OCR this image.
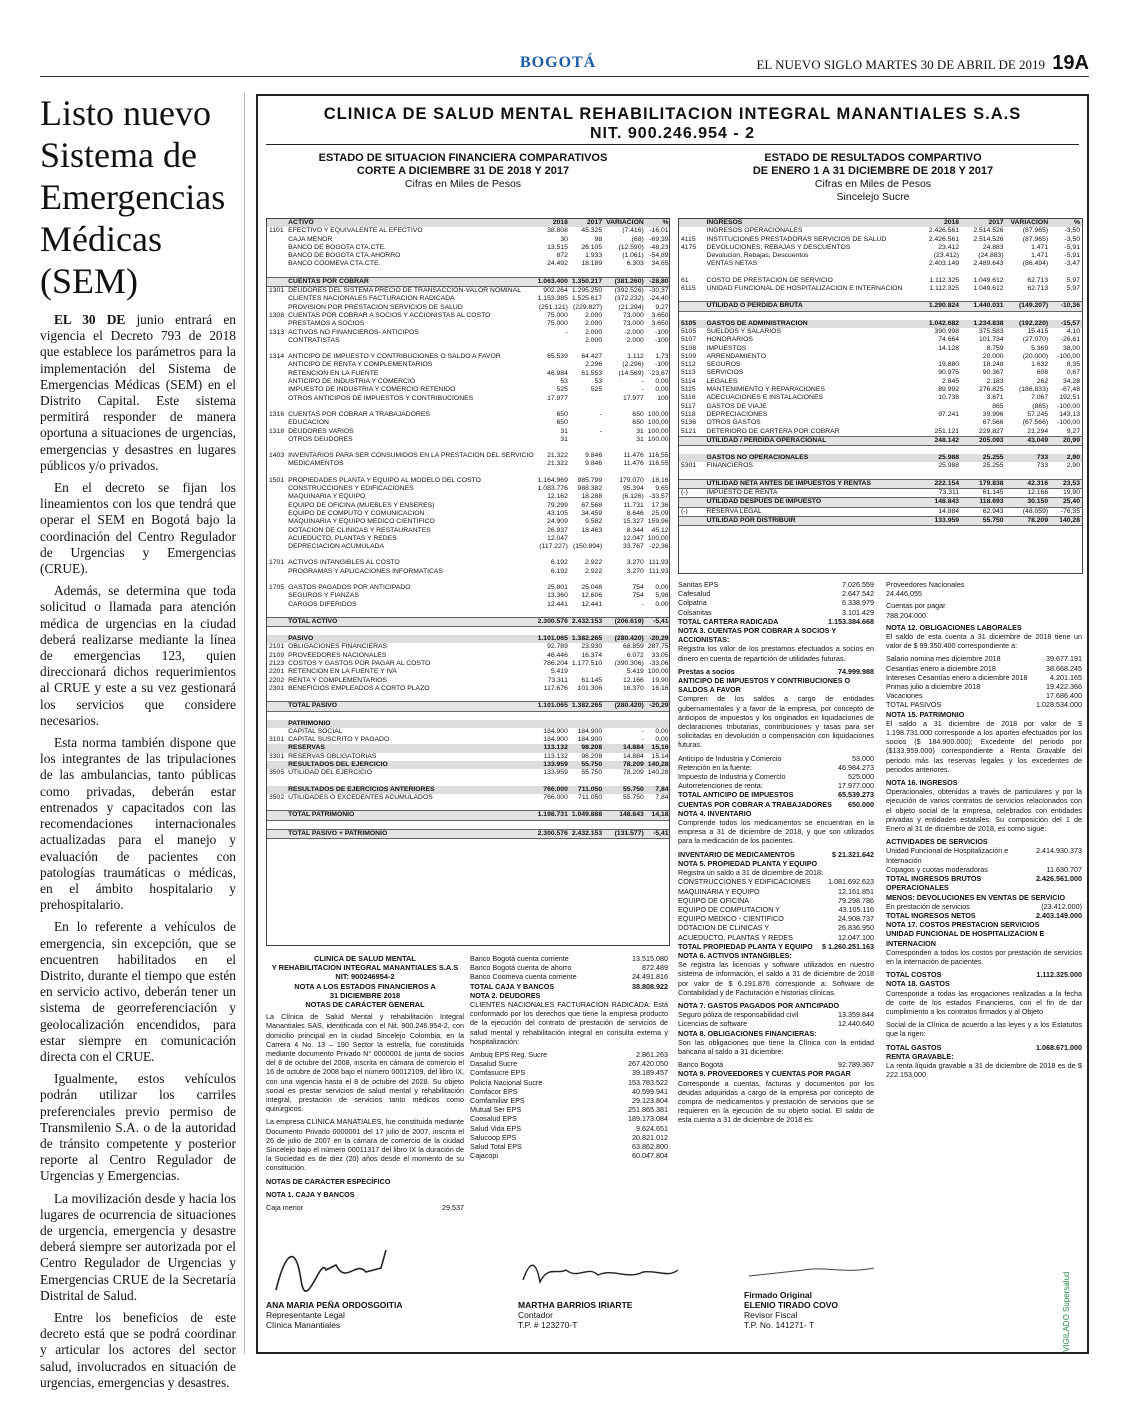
BOGOTÁ	EL NUEVO SIGLO MARTES 30 DE ABRIL DE 2019 19A
Listo nuevo Sistema de Emergencias Médicas (SEM)

EL 30 DE junio entrará en vigencia el Decreto 793 de 2018 que establece los parámetros para la implementación del Sistema de Emergencias Médicas (SEM) en el Distrito Capital. Este sistema permitirá responder de manera oportuna a situaciones de urgencias, emergencias y desastres en lugares públicos y/o privados.

En el decreto se fijan los lineamientos con los que tendrá que operar el SEM en Bogotá bajo la coordinación del Centro Regulador de Urgencias y Emergencias (CRUE).

Además, se determina que toda solicitud o llamada para atención médica de urgencias en la ciudad deberá realizarse mediante la línea de emergencias 123, quien direccionará dichos requerimientos al CRUE y este a su vez gestionará los servicios que considere necesarios.

Esta norma también dispone que los integrantes de las tripulaciones de las ambulancias, tanto públicas como privadas, deberán estar entrenados y capacitados con las recomendaciones internacionales actualizadas para el manejo y evaluación de pacientes con patologías traumáticas o médicas, en el ámbito hospitalario y prehospitalario.

En lo referente a vehículos de emergencia, sin excepción, que se encuentren habilitados en el Distrito, durante el tiempo que estén en servicio activo, deberán tener un sistema de georreferenciación y geolocalización encendidos, para estar siempre en comunicación directa con el CRUE.

Igualmente, estos vehículos podrán utilizar los carriles preferenciales previo permiso de Transmilenio S.A. o de la autoridad de tránsito competente y posterior reporte al Centro Regulador de Urgencias y Emergencias.

La movilización desde y hacia los lugares de ocurrencia de situaciones de urgencia, emergencia y desastre deberá siempre ser autorizada por el Centro Regulador de Urgencias y Emergencias CRUE de la Secretaría Distrital de Salud.

Entre los beneficios de este decreto está que se podrá coordinar y articular los actores del sector salud, involucrados en situación de urgencias, emergencias y desastres.

CLINICA DE SALUD MENTAL REHABILITACION INTEGRAL MANANTIALES S.A.S
NIT. 900.246.954 - 2
ESTADO DE SITUACION FINANCIERA COMPARATIVOS
CORTE A DICIEMBRE 31 DE 2018 Y 2017
Cifras en Miles de Pesos
ESTADO DE RESULTADOS COMPARTIVO
DE ENERO 1 A 31 DICIEMBRE DE 2018 Y 2017
Cifras en Miles de Pesos
Sincelejo Sucre
	ACTIVO	2018	2017	VARIACION	%
1101	EFECTIVO Y EQUIVALENTE AL EFECTIVO	38.808	45.325	(7.416)	-16,01
	CAJA MENOR	30	98	(68)	-69,39
	BANCO DE BOGOTA CTA.CTE.	13.515	26.105	(12.590)	-48,23
	BANCO DE BOGOTA CTA.AHORRO	872	1.933	(1.061)	-54,89
	BANCO COOMEVA CTA.CTE.	24.492	18.189	6.303	34,65

	CUENTAS POR COBRAR	1.063.400	1.350.217	(381.260)	-28,80
1301	DEUDORES DEL SISTEMA PRECIO DE TRANSACCION-VALOR NOMINAL	902.264	1.295.250	(392.526)	-30,37
	CLIENTES NACIONALES FACTURACION RADICADA	1.153.385	1.525.617	(372.232)	-24,40
	PROVISION POR PRESTACION SERVICIOS DE SALUD	(251.121)	(229.827)	(21.294)	9,27
1308	CUENTAS POR COBRAR A SOCIOS Y ACCIONISTAS AL COSTO	75.000	2.000	73.000	3.650
	PRESTAMOS A SOCIOS	75.000	2.000	73.000	3.650
1313	ACTIVOS NO FINANCIEROS- ANTICIPOS	-	2.000	-2.000	-100
	CONTRATISTAS		2.000	2.000	-100

1314	ANTICIPO DE IMPUESTO Y CONTRIBUCIONES O SALDO A FAVOR	65.539	64.427	1.112	1,73
	ANTICIPO DE RENTA Y COMPLEMENTARIOS		2.296	(2.296)	-100
	RETENCION EN LA FUENTE	46.984	61.553	(14.569)	-23,67
	ANTICIPO DE INDUSTRIA Y COMERCIO	53	53	-	0,00
	IMPUESTO DE INDUSTRIA Y COMERCIO RETENIDO	525	525	-	0,00
	OTROS ANTICIPOS DE IMPUESTOS Y CONTRIBUCIONES	17.977		17.977	100

1316	CUENTAS POR COBRAR A TRABAJADORES	650	-	650	100,00
	EDUCACION	650		650	100,00
1318	DEUDORES VARIOS	31	-	31	100,00
	OTROS DEUDORES	31		31	100,00

1403	INVENTARIOS PARA SER CONSUMIDOS EN LA PRESTACION DEL SERVICIO	21.322	9.846	11.476	116,55
	MEDICAMENTOS	21.322	9.846	11.476	116,55

1501	PROPIEDADES PLANTA Y EQUIPO AL MODELO DEL COSTO	1.164.969	985.799	179.070	18,16
	CONSTRUCCIONES Y EDIFICACIONES	1.083.776	988.382	95.394	9,65
	MAQUINARIA Y EQUIPO	12.162	18.288	(6.126)	-33,57
	EQUIPO DE OFICINA (MUEBLES Y ENSERES)	79.299	67.568	11.731	17,36
	EQUIPO DE COMPUTO Y COMUNICACION	43.105	34.459	8.646	25,09
	MAQUINARIA Y EQUIPO MEDICO CIENTIFICO	24.909	9.582	15.327	159,96
	DOTACION DE CLINICAS Y RESTAURANTES	26.937	18.463	8.344	45,12
	ACUEDUCTO, PLANTAS Y REDES	12.047		12.047	100,00
	DEPRECIACION ACUMULADA	(117.227)	(150.894)	33.767	-22,36

1701	ACTIVOS INTANGIBLES AL COSTO	6.192	2.922	3.270	111,93
	PROGRAMAS Y APLICACIONES INFORMATICAS	6.192	2.922	3.270	111,93

1705	GASTOS PAGADOS POR ANTICIPADO	25.801	25.048	754	0,00
	SEGUROS Y FIANZAS	13.360	12.606	754	5,98
	CARGOS DIFERIDOS	12.441	12.441	-	0,00

	TOTAL ACTIVO	2.300.576	2.432.153	(206.619)	-5,41

	PASIVO	1.101.065	1.382.265	(280.420)	-20,29
2101	OBLIGACIONES FINANCIERAS	92.789	23.930	68.859	287,75
2109	PROVEEDORES NACIONALES	46.446	16.374	6.072	33,05
2123	COSTOS Y GASTOS POR PAGAR AL COSTO	786.204	1.177.510	(390.306)	-33,06
2201	RETENCION EN LA FUENTE Y IVA	5.419		5.419	100,00
2202	RENTA Y COMPLEMENTARIOS	73.311	61.145	12.166	19,90
2301	BENEFICIOS EMPLEADOS A CORTO PLAZO	117.676	101.306	16.370	16,16

	TOTAL PASIVO	1.101.065	1.382.265	(280.420)	-20,29

	PATRIMONIO				
	CAPITAL SOCIAL	184.900	184.900	-	0,00
3101	CAPITAL SUSCRITO Y PAGADO	184.900	184.900	-	0,00
	RESERVAS	113.132	98.208	14.884	15,16
3301	RESERVAS OBLIGATORIAS	113.132	98.208	14.884	15,14
	RESULTADOS DEL EJERCICIO	133.959	55.750	78.209	140,28
3505	UTILIDAD DEL EJERCICIO	133.959	55.750	78.209	140,28

	RESULTADOS DE EJERCICIOS ANTERIORES	766.000	711.050	55.750	7,84
3502	UTILIDADES O EXCEDENTES ACUMULADOS	766.000	711.050	55.750	7,84

	TOTAL PATRIMONIO	1.198.731	1.049.888	148.843	14,18

	TOTAL PASIVO + PATRIMONIO	2.300.576	2.432.153	(131.577)	-5,41
	INGRESOS	2018	2017	VARIACION	%
	INGRESOS OPERACIONALES	2.426.561	2.514.526	(87.965)	-3,50
4115	INSTITUCIONES PRESTADORAS SERVICIOS DE SALUD	2.426.561	2.514.526	(87.965)	-3,50
4175	DEVOLUCIONES, REBAJAS Y DESCUENTOS	23.412	24.883	1.471	-5,91
	Devolucion, Rebajas, Descuentos	(23.412)	(24.883)	1.471	-5,91
	VENTAS NETAS	2.403.149	2.489.643	(86.494)	-3,47

61	COSTO DE PRESTACION DE SERVICIO	1.112.325	1.049.612	62.713	5,97
6115	UNIDAD FUNCIONAL DE HOSPITALIZACION E INTERNACION	1.112.325	1.049.612	62.713	5,97

	UTILIDAD O PERDIDA BRUTA	1.290.824	1.440.031	(149.207)	-10,36

5105	GASTOS DE ADMINISTRACION	1.042.682	1.234.838	(192.220)	-15,57
5105	SUELDOS Y SALARIOS	390.998	375.583	15.415	4,10
5107	HONORARIOS	74.664	101.734	(27.070)	-26,61
5108	IMPUESTOS	14.128	8.759	5.369	38,00
5109	ARRENDAMIENTO		20.000	(20.000)	-100,00
5112	SEGUROS	19.880	18.248	1.632	8,35
5113	SERVICIOS	90.975	90.367	608	0,67
5114	LEGALES	2.845	2.183	262	34,28
5115	MANTENIMIENTO Y REPARACIONES	89.992	276.825	(186.833)	-67,48
5116	ADECUACIONES E INSTALACIONES	10.738	3.671	7.067	192,51
5117	GASTOS DE VIAJE		865	(865)	-100,00
5118	DEPRECIACIONES	97.241	39.996	57.245	143,13
5136	OTROS GASTOS		67.566	(67.566)	-100,00
5121	DETERIORO DE CARTERA POR COBRAR	251.121	229.827	21.294	9,27
	UTILIDAD / PERDIDA OPERACIONAL	248.142	205.093	43.049	20,99

	GASTOS NO OPERACIONALES	25.988	25.255	733	2,90
5301	FINANCIEROS	25.988	25.255	733	2,90

	UTILIDAD NETA ANTES DE IMPUESTOS Y RENTAS	222.154	179.838	42.316	23,53
(-)	IMPUESTO DE RENTA	73.311	61.145	12.166	19,90
	UTILIDAD DESPUES DE IMPUESTO	148.843	118.693	30.150	25,40
(-)	RESERVA LEGAL	14.884	62.943	(48.059)	-76,35
	UTILIDAD POR DISTRIBUIR	133.959	55.750	78.209	140,28
CLINICA DE SALUD MENTAL
Y REHABILITACION INTEGRAL MANANTIALES S.A.S
NIT: 900246954-2
NOTA A LOS ESTADOS FINANCIEROS A
31 DICIEMBRE 2018
NOTAS DE CARÁCTER GENERAL

La Clínica de Salud Mental y rehabilitación Integral Manantiales SAS, identificada con el Nit. 900.246.954-2, con domicilio principal en la ciudad Sincelejo Colombia, en la Carrera 4 No. 13 – 190 Sector la estrella, fue constituida mediante documento Privado N° 0000001 de junta de socios del 8 de octubre del 2008, inscrita en cámara de comercio el 16 de octubre de 2008 bajo el número 00012109, del libro IX, con una vigencia hasta el 8 de octubre del 2028. Su objeto social es prestar servicios de salud mental y rehabilitación integral, prestación de servicios tanto médicos como quirúrgicos.

La empresa CLINICA MANATIALES, fue constituida mediante Documento Privado 0000001 del 17 julio de 2007, inscrita el 26 de julio de 2007 en la cámara de comercio de la ciudad Sincelejo bajo el número 00011317 del libro IX la duración de la Sociedad es de diez (20) años desde el momento de su constitución.

NOTAS DE CARÁCTER ESPECÍFICO
NOTA 1. CAJA Y BANCOS
Caja menor	29.537
Banco Bogotá cuenta corriente	13.515.080
Banco Bogotá cuenta de ahorro	872.489
Banco Coomeva cuenta corriente	24.491.816
TOTAL CAJA Y BANCOS	38.808.922
NOTA 2. DEUDORES

CLIENTES NACIONALES FACTURACION RADICADA: Está conformado por los derechos que tiene la empresa producto de la ejecución del contrato de prestación de servicios de salud mental y rehabilitación integral en consulta externa y hospitalización:

Ambuq EPS Reg. Sucre	2.861.263
Dasalud Sucre	267.420.050
Comfasucre EPS	39.189.457
Policía Nacional Sucre	153.783.522
Comfacor EPS	40.599.941
Comfamiliar EPS	29.123.804
Mutual Ser EPS	251.865.381
Coosalud EPS	189.173.084
Salud Vida EPS	9.624.651
Salucoop EPS	20.821.012
Salud Total EPS	63.862.800
Cajacopi	60.047.804
Sanitas EPS	7.026.559
Cafesalud	2.647.542
Colpatria	6.338.979
Colsanitas	3.101.429
TOTAL CARTERA RADICADA	1.153.384.668
NOTA 3. CUENTAS POR COBRAR A SOCIOS Y ACCIONISTAS:

Registra los valor de los prestamos efectuados a socios en dinero en cuenta de repartición de utilidades futuras.

Prestas a socios	74.999.988
ANTICIPO DE IMPUESTOS Y CONTRIBUCIONES O SALDOS A FAVOR

Compren de los saldos a cargo de entidades gubernamentales y a favor de la empresa, por concepto de anticipos de impuestos y los originados en liquidaciones de declaraciones tributarias, contribuciones y tasas para ser solicitadas en devolución o compensación con liquidaciones futuras.

Anticipo de Industria y Comercio	53.000
Retención en la fuente:	46.984.273
Impuesto de Industria y Comercio	525.000
Autorretenciones de renta:	17.977.000
TOTAL ANTICIPO DE IMPUESTOS	65.539.273
CUENTAS POR COBRAR A TRABAJADORES 650.000
NOTA 4. INVENTARIO

Comprende todos los medicamentos se encuentran en la empresa a 31 de diciembre de 2018, y que son utilizados para la medicación de los pacientes.

INVENTARIO DE MEDICAMENTOS	$ 21.321.642
NOTA 5. PROPIEDAD PLANTA Y EQUIPO
Registra un saldo a 31 de diciembre de 2018:
CONSTRUCCIONES Y EDIFICACIONES 1.081.692.623
MAQUINARIA Y EQUIPO	12.161.851
EQUIPO DE OFICINA	79.298.786
EQUIPO DE COMPUTACION Y	43.105.116
EQUIPO MEDICO - CIENTIFICO	24.908.737
DOTACION DE CLINICAS Y	26.836.950
ACUEDUCTO, PLANTAS Y REDES	12.047.100
TOTAL PROPIEDAD PLANTA Y EQUIPO $ 1.260.251.163
NOTA 6. ACTIVOS INTANGIBLES:

Se registra las licencias y software utilizados en nuestro sistema de información, el saldo a 31 de diciembre de 2018 por valor de $ 6.191.876 corresponde a: Software de Contabilidad y de Facturación e historias clínicas.

NOTA 7. GASTOS PAGADOS POR ANTICIPADO
Seguro póliza de responsabilidad civil	13.359.844
Licencias de software	12.440.640
NOTA 8. OBLIGACIONES FINANCIERAS:

Son las obligaciones que tiene la Clínica con la entidad bancaria al saldo a 31 diciembre:

Banco Bogotá	92.789.367
NOTA 9. PROVEEDORES Y CUENTAS POR PAGAR

Corresponde a cuentas, facturas y documentos por los deudas adquiridas a cargo de la empresa por concepto de compra de medicamentos y prestación de servicios que se requieren en la ejecución de su objeto social. El saldo de esta cuenta a 31 de diciembre de 2018 es:

Proveedores Nacionales
24.446.055
Cuentas por pagar
788.204.000
NOTA 12. OBLIGACIONES LABORALES

El saldo de esta cuenta a 31 diciembre de 2018 tiene un valor de $ 99.350.400 correspondiente a:

Salario nomina mes diciembre 2018	39.677.191
Cesantías enero a diciembre 2018	38.668.245
Intereses Cesantías enero a diciembre 2018	4.201.165
Primas julio a diciembre 2018	19.422.366
Vacaciones	17.686.400
TOTAL PASIVOS	1.028.534.000
NOTA 15. PATRIMONIO

El saldo a 31 diciembre de 2018 por valor de $ 1.198.731.000 corresponde a los aportes efectuados por los socios ($ 184.900.000); Excedente del periodo por ($133.959.000) correspondiente a Renta Gravable del periodo más las reservas legales y los excedentes de periodos anteriores.

NOTA 16. INGRESOS

Operacionales, obtenidos a través de particulares y por la ejecución de varios contratos de servicios relacionados con el objeto social de la empresa, celebrados con entidades privadas y entidades estatales. Su composición del 1 de Enero al 31 de diciembre de 2018, es como sigue:

ACTIVIDADES DE SERVICIOS
Unidad Funcional de Hospitalización e Internación
2.414.930.373
Copagos y cuotas moderadoras	11.630.707
TOTAL INGRESOS BRUTOS OPERACIONALES
2.426.561.000
MENOS: DEVOLUCIONES EN VENTAS DE SERVICIO
En prestación de servicios	(23.412.000)
TOTAL INGRESOS NETOS	2.403.149.000
NOTA 17. COSTOS PRESTACION SERVICIOS
UNIDAD FUNCIONAL DE HOSPITALIZACION E INTERNACION

Corresponden a todos los costos por prestación de servicios en la internación de pacientes.

TOTAL COSTOS	1.112.325.000
NOTA 18. GASTOS

Corresponde a todas las erogaciones realizadas a la fecha de corte de los estados Financieros, con el fin de dar cumplimiento a los contratos firmados y al Objeto

Social de la Clínica de acuerdo a las leyes y a los Estatutos que la rigen:

TOTAL GASTOS	1.068.671.000
RENTA GRAVABLE:

La renta líquida gravable a 31 de diciembre de 2018 es de $ 222.153.000

ANA MARIA PEÑA ORDOSGOITIA
Representante Legal
Clínica Manantiales
MARTHA BARRIOS IRIARTE
Contador
T.P. # 123270-T
Firmado Original
ELENIO TIRADO COVO
Revisor Fiscal
T.P. No. 141271- T	VIGILADO Supersalud
